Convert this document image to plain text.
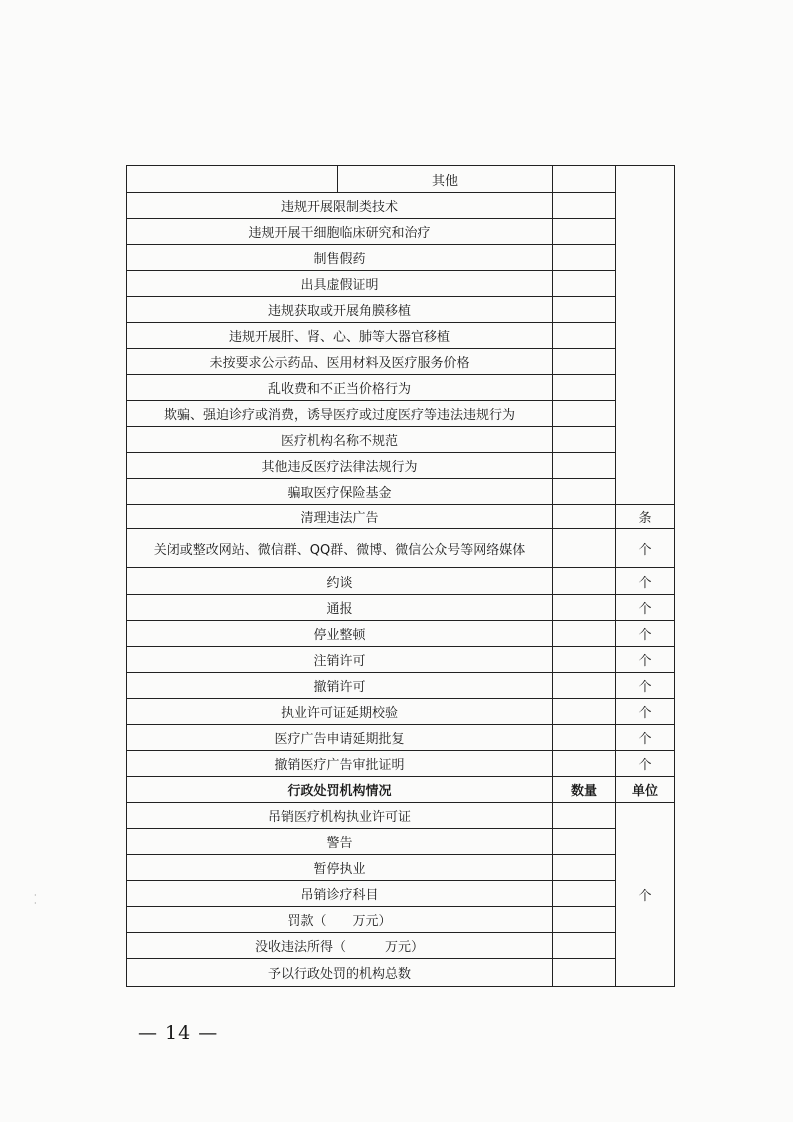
	其他		
违规开展限制类技术			
违规开展干细胞临床研究和治疗			
制售假药			
出具虚假证明			
违规获取或开展角膜移植			
违规开展肝、肾、心、肺等大器官移植			
未按要求公示药品、医用材料及医疗服务价格			
乱收费和不正当价格行为			
欺骗、强迫诊疗或消费，诱导医疗或过度医疗等违法违规行为			
医疗机构名称不规范			
其他违反医疗法律法规行为			
骗取医疗保险基金			
清理违法广告			条
关闭或整改网站、微信群、QQ群、微博、微信公众号等网络媒体			个
约谈			个
通报			个
停业整顿			个
注销许可			个
撤销许可			个
执业许可证延期校验			个
医疗广告申请延期批复			个
撤销医疗广告审批证明			个
行政处罚机构情况		数量	单位
吊销医疗机构执业许可证			个
警告			
暂停执业			
吊销诊疗科目			
罚款（　　万元）			
没收违法所得（　　　万元）			
予以行政处罚的机构总数			
— 14 —
·
·
